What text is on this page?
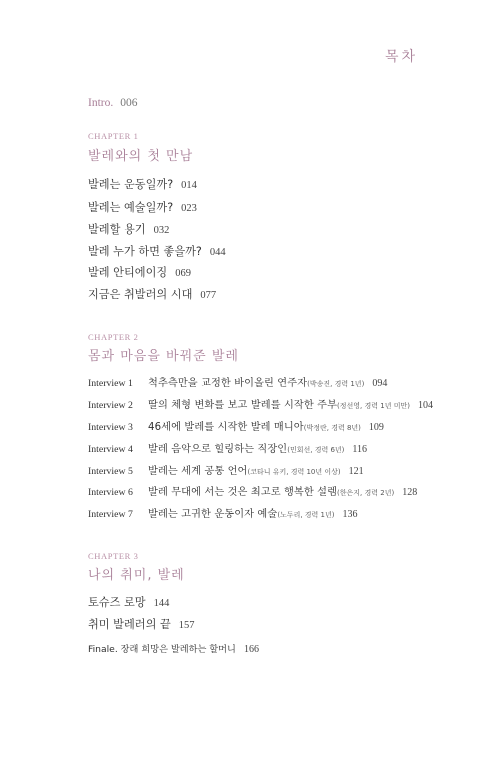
목차
Intro. 006
CHAPTER 1
발레와의 첫 만남
발레는 운동일까? 014
발레는 예술일까? 023
발레할 용기 032
발레 누가 하면 좋을까? 044
발레 안티에이징 069
지금은 취발러의 시대 077
CHAPTER 2
몸과 마음을 바꿔준 발레
Interview 1 척추측만을 교정한 바이올린 연주자(박송진, 경력 1년) 094
Interview 2 딸의 체형 변화를 보고 발레를 시작한 주부(정선영, 경력 1년 미만) 104
Interview 3 46세에 발레를 시작한 발레 매니아(박정란, 경력 8년) 109
Interview 4 발레 음악으로 힐링하는 직장인(민회선, 경력 6년) 116
Interview 5 발레는 세계 공통 언어(코타니 유키, 경력 10년 이상) 121
Interview 6 발레 무대에 서는 것은 최고로 행복한 설렘(한은지, 경력 2년) 128
Interview 7 발레는 고귀한 운동이자 예술(노두리, 경력 1년) 136
CHAPTER 3
나의 취미, 발레
토슈즈 로망 144
취미 발레러의 끝 157
Finale. 장래 희망은 발레하는 할머니 166
